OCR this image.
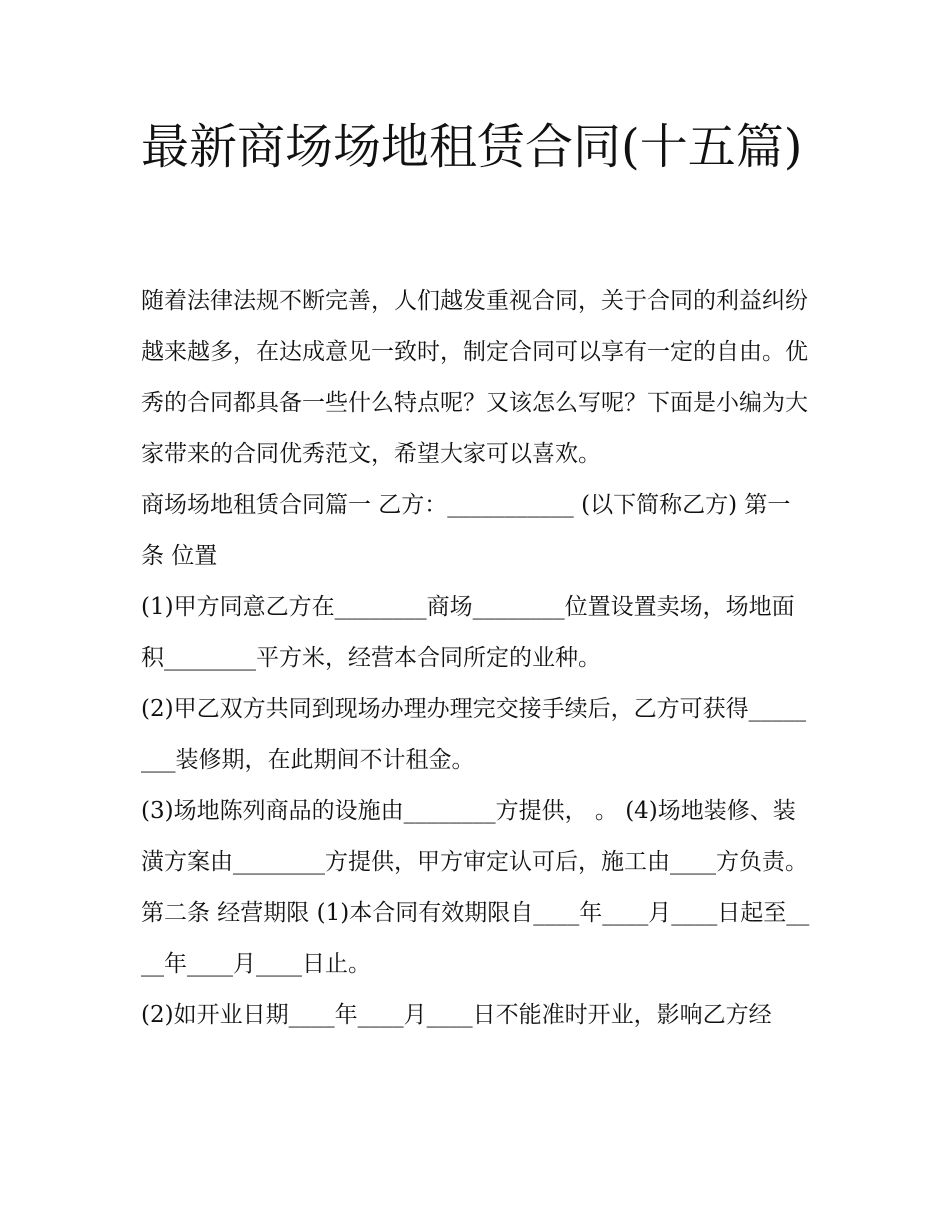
最新商场场地租赁合同(十五篇)

随着法律法规不断完善，人们越发重视合同，关于合同的利益纠纷越来越多，在达成意见一致时，制定合同可以享有一定的自由。优秀的合同都具备一些什么特点呢？又该怎么写呢？下面是小编为大家带来的合同优秀范文，希望大家可以喜欢。

商场场地租赁合同篇一 乙方：___________ (以下简称乙方) 第一条 位置

(1)甲方同意乙方在________商场________位置设置卖场，场地面积________平方米，经营本合同所定的业种。

(2)甲乙双方共同到现场办理办理完交接手续后，乙方可获得________装修期，在此期间不计租金。

(3)场地陈列商品的设施由________方提供， 。 (4)场地装修、装潢方案由________方提供，甲方审定认可后，施工由____方负责。

第二条 经营期限 (1)本合同有效期限自____年____月____日起至____年____月____日止。

(2)如开业日期____年____月____日不能准时开业，影响乙方经
